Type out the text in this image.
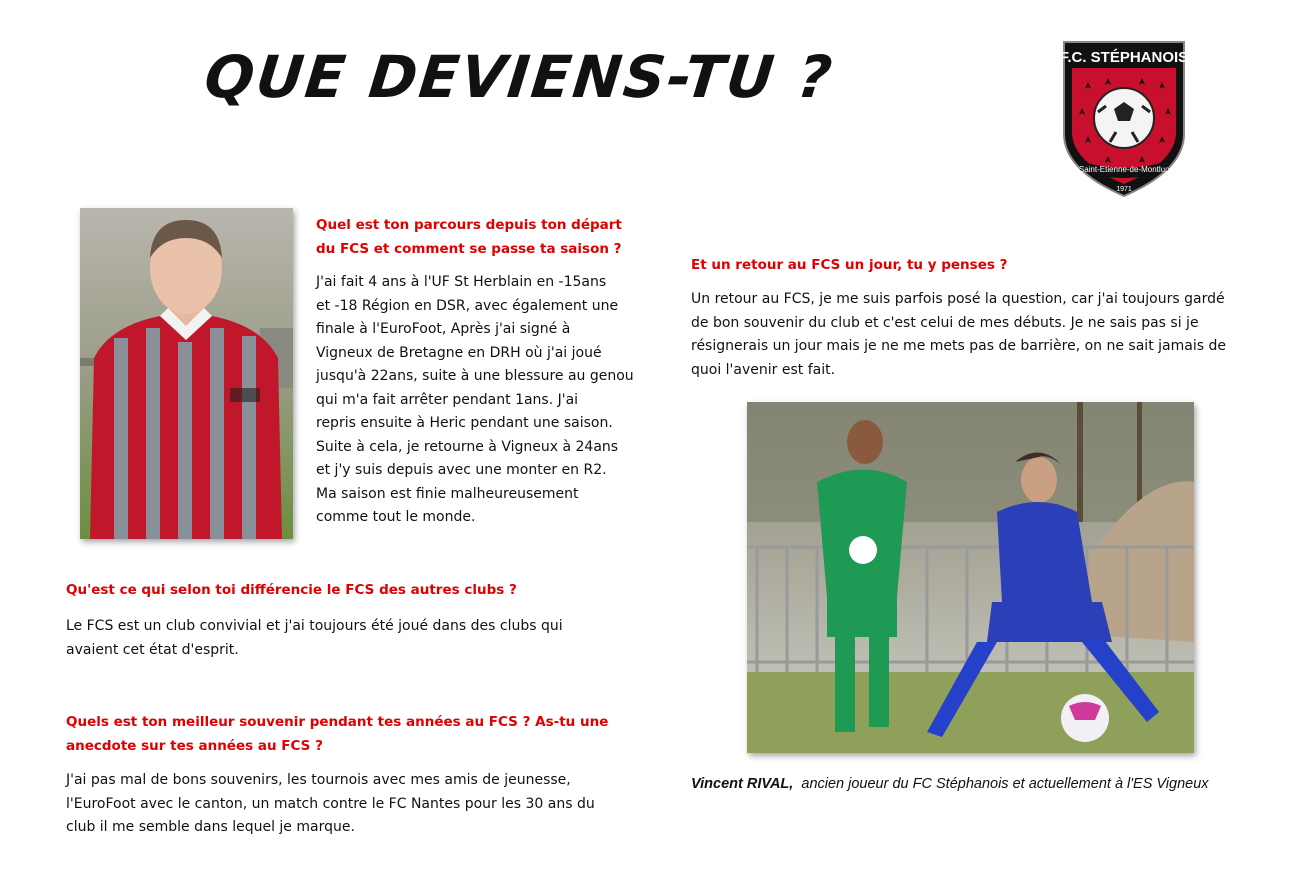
QUE DEVIENS-TU ?	F.C. STÉPHANOIS
Saint-Etienne-de-Montluc
1971
Quel est ton parcours depuis ton départ
du FCS et comment se passe ta saison ?
J'ai fait 4 ans à l'UF St Herblain en -15ans
et -18 Région en DSR, avec également une
finale à l'EuroFoot, Après j'ai signé à
Vigneux de Bretagne en DRH où j'ai joué
jusqu'à 22ans, suite à une blessure au genou
qui m'a fait arrêter pendant 1ans. J'ai
repris ensuite à Heric pendant une saison.
Suite à cela, je retourne à Vigneux à 24ans
et j'y suis depuis avec une monter en R2.
Ma saison est finie malheureusement
comme tout le monde.
Qu'est ce qui selon toi différencie le FCS des autres clubs ?
Le FCS est un club convivial et j'ai toujours été joué dans des clubs qui
avaient cet état d'esprit.
Quels est ton meilleur souvenir pendant tes années au FCS ? As-tu une
anecdote sur tes années au FCS ?
J'ai pas mal de bons souvenirs, les tournois avec mes amis de jeunesse,
l'EuroFoot avec le canton, un match contre le FC Nantes pour les 30 ans du
club il me semble dans lequel je marque.
Et un retour au FCS un jour, tu y penses ?
Un retour au FCS, je me suis parfois posé la question, car j'ai toujours gardé
de bon souvenir du club et c'est celui de mes débuts. Je ne sais pas si je
résignerais un jour mais je ne me mets pas de barrière, on ne sait jamais de
quoi l'avenir est fait.
Vincent RIVAL, ancien joueur du FC Stéphanois et actuellement à l'ES Vigneux
